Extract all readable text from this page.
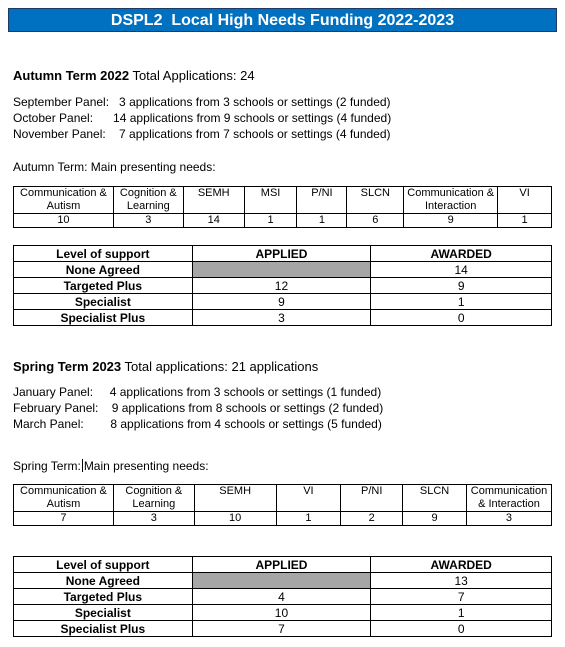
DSPL2  Local High Needs Funding 2022-2023
Autumn Term 2022 Total Applications: 24
September Panel:   3 applications from 3 schools or settings (2 funded)
October Panel:      14 applications from 9 schools or settings (4 funded)
November Panel:    7 applications from 7 schools or settings (4 funded)
Autumn Term: Main presenting needs:
Communication & Autism	Cognition & Learning	SEMH	MSI	P/NI	SLCN	Communication & Interaction	VI
10	3	14	1	1	6	9	1
Level of support	APPLIED	AWARDED
None Agreed		14
Targeted Plus	12	9
Specialist	9	1
Specialist Plus	3	0
Spring Term 2023 Total applications: 21 applications
January Panel:     4 applications from 3 schools or settings (1 funded)
February Panel:    9 applications from 8 schools or settings (2 funded)
March Panel:        8 applications from 4 schools or settings (5 funded)
Spring Term: Main presenting needs:
Communication & Autism	Cognition & Learning	SEMH	VI	P/NI	SLCN	Communication & Interaction
7	3	10	1	2	9	3
Level of support	APPLIED	AWARDED
None Agreed		13
Targeted Plus	4	7
Specialist	10	1
Specialist Plus	7	0
